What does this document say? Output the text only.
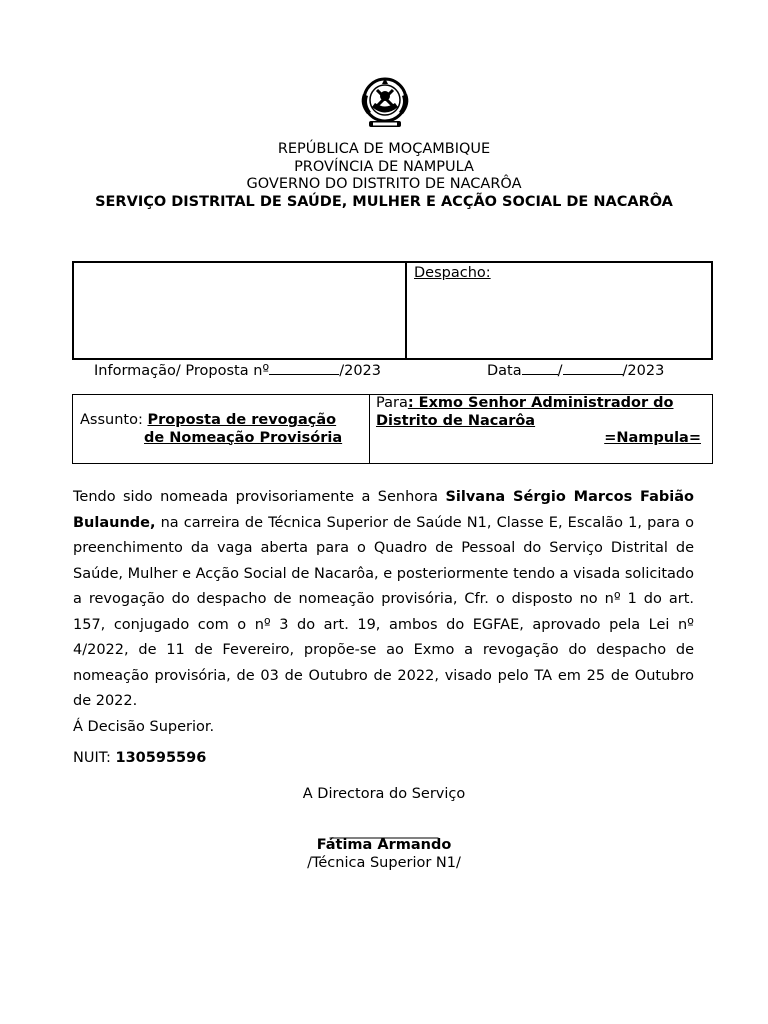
REPÚBLICA DE MOÇAMBIQUE
PROVÍNCIA DE NAMPULA
GOVERNO DO DISTRITO DE NACARÔA
SERVIÇO DISTRITAL DE SAÚDE, MULHER E ACÇÃO SOCIAL DE NACARÔA
Despacho:
Informação/ Proposta nº	/2023	Data /	/2023
Assunto: Proposta de revogação
de Nomeação Provisória
Para: Exmo Senhor Administrador do
Distrito de Nacarôa
=Nampula=
Tendo sido nomeada provisoriamente a Senhora Silvana Sérgio Marcos Fabião Bulaunde, na carreira de Técnica Superior de Saúde N1, Classe E, Escalão 1, para o preenchimento da vaga aberta para o Quadro de Pessoal do Serviço Distrital de Saúde, Mulher e Acção Social de Nacarôa, e posteriormente tendo a visada solicitado a revogação do despacho de nomeação provisória, Cfr. o disposto no nº 1 do art. 157, conjugado com o nº 3 do art. 19, ambos do EGFAE, aprovado pela Lei nº 4/2022, de 11 de Fevereiro, propõe-se ao Exmo a revogação do despacho de nomeação provisória, de 03 de Outubro de 2022, visado pelo TA em 25 de Outubro de 2022.
Á Decisão Superior.
NUIT: 130595596
A Directora do Serviço
_______________
Fátima Armando
/Técnica Superior N1/
